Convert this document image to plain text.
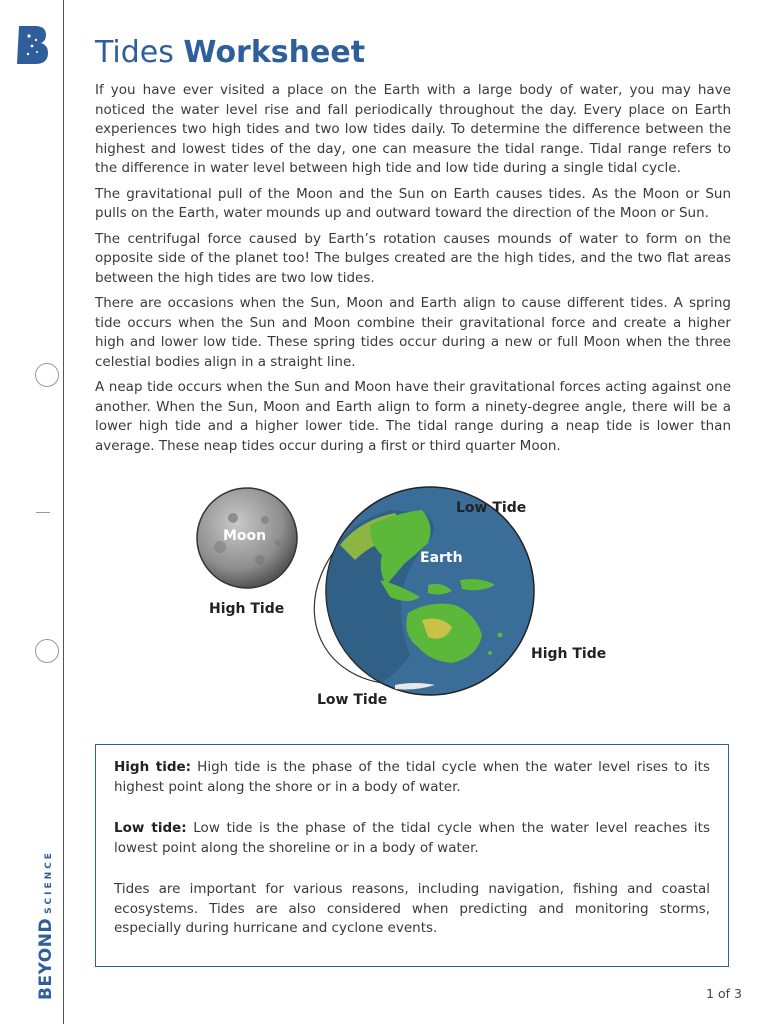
BEYONDSCIENCE
Tides Worksheet

If you have ever visited a place on the Earth with a large body of water, you may have noticed the water level rise and fall periodically throughout the day. Every place on Earth experiences two high tides and two low tides daily. To determine the difference between the highest and lowest tides of the day, one can measure the tidal range. Tidal range refers to the difference in water level between high tide and low tide during a single tidal cycle.

The gravitational pull of the Moon and the Sun on Earth causes tides. As the Moon or Sun pulls on the Earth, water mounds up and outward toward the direction of the Moon or Sun.

The centrifugal force caused by Earth’s rotation causes mounds of water to form on the opposite side of the planet too! The bulges created are the high tides, and the two flat areas between the high tides are two low tides.

There are occasions when the Sun, Moon and Earth align to cause different tides. A spring tide occurs when the Sun and Moon combine their gravitational force and create a higher high and lower low tide. These spring tides occur during a new or full Moon when the three celestial bodies align in a straight line.

A neap tide occurs when the Sun and Moon have their gravitational forces acting against one another. When the Sun, Moon and Earth align to form a ninety-degree angle, there will be a lower high tide and a higher lower tide. The tidal range during a neap tide is lower than average. These neap tides occur during a first or third quarter Moon.

Moon
Earth
Low Tide
High Tide
High Tide
Low Tide

High tide: High tide is the phase of the tidal cycle when the water level rises to its highest point along the shore or in a body of water.

Low tide: Low tide is the phase of the tidal cycle when the water level reaches its lowest point along the shoreline or in a body of water.

Tides are important for various reasons, including navigation, fishing and coastal ecosystems. Tides are also considered when predicting and monitoring storms, especially during hurricane and cyclone events.

1 of 3
